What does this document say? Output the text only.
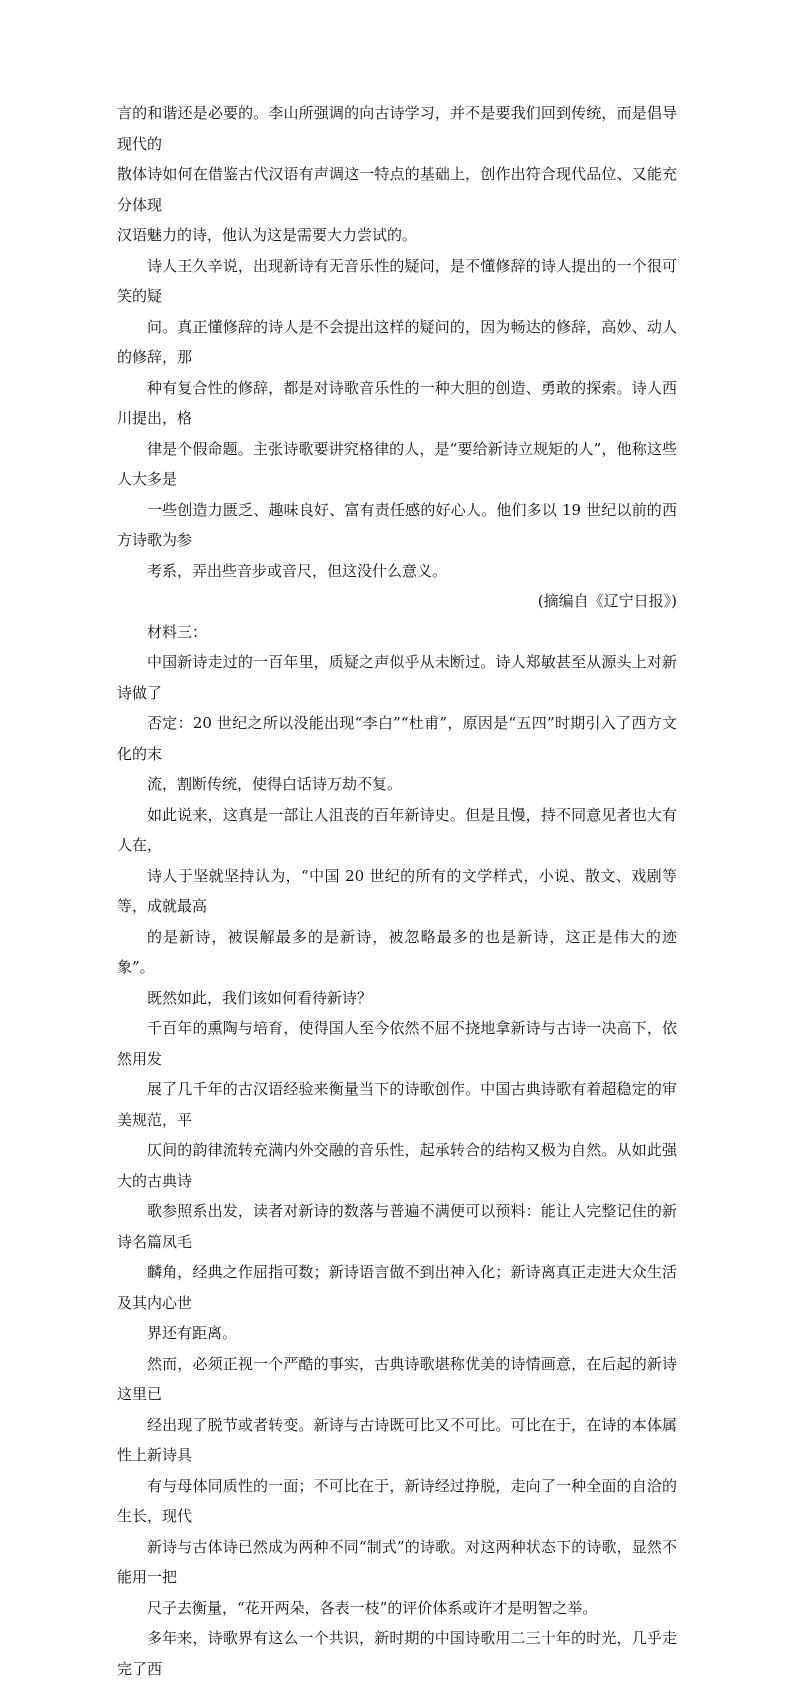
言的和谐还是必要的。李山所强调的向古诗学习，并不是要我们回到传统，而是倡导现代的
散体诗如何在借鉴古代汉语有声调这一特点的基础上，创作出符合现代品位、又能充分体现
汉语魅力的诗，他认为这是需要大力尝试的。

诗人王久辛说，出现新诗有无音乐性的疑问，是不懂修辞的诗人提出的一个很可笑的疑
问。真正懂修辞的诗人是不会提出这样的疑问的，因为畅达的修辞，高妙、动人的修辞，那
种有复合性的修辞，都是对诗歌音乐性的一种大胆的创造、勇敢的探索。诗人西川提出，格
律是个假命题。主张诗歌要讲究格律的人，是“要给新诗立规矩的人”，他称这些人大多是
一些创造力匮乏、趣味良好、富有责任感的好心人。他们多以 19 世纪以前的西方诗歌为参
考系，弄出些音步或音尺，但这没什么意义。

(摘编自《辽宁日报》)

材料三：

中国新诗走过的一百年里，质疑之声似乎从未断过。诗人郑敏甚至从源头上对新诗做了
否定：20 世纪之所以没能出现“李白”“杜甫”，原因是“五四”时期引入了西方文化的末
流，割断传统，使得白话诗万劫不复。

如此说来，这真是一部让人沮丧的百年新诗史。但是且慢，持不同意见者也大有人在，
诗人于坚就坚持认为，“中国 20 世纪的所有的文学样式，小说、散文、戏剧等等，成就最高
的是新诗，被误解最多的是新诗，被忽略最多的也是新诗，这正是伟大的迹象”。

既然如此，我们该如何看待新诗？

千百年的熏陶与培育，使得国人至今依然不屈不挠地拿新诗与古诗一决高下，依然用发
展了几千年的古汉语经验来衡量当下的诗歌创作。中国古典诗歌有着超稳定的审美规范，平
仄间的韵律流转充满内外交融的音乐性，起承转合的结构又极为自然。从如此强大的古典诗
歌参照系出发，读者对新诗的数落与普遍不满便可以预料：能让人完整记住的新诗名篇凤毛
麟角，经典之作屈指可数；新诗语言做不到出神入化；新诗离真正走进大众生活及其内心世
界还有距离。

然而，必须正视一个严酷的事实，古典诗歌堪称优美的诗情画意，在后起的新诗这里已
经出现了脱节或者转变。新诗与古诗既可比又不可比。可比在于，在诗的本体属性上新诗具
有与母体同质性的一面；不可比在于，新诗经过挣脱，走向了一种全面的自洽的生长，现代
新诗与古体诗已然成为两种不同“制式”的诗歌。对这两种状态下的诗歌，显然不能用一把
尺子去衡量，“花开两朵，各表一枝”的评价体系或许才是明智之举。

多年来，诗歌界有这么一个共识，新时期的中国诗歌用二三十年的时光，几乎走完了西
